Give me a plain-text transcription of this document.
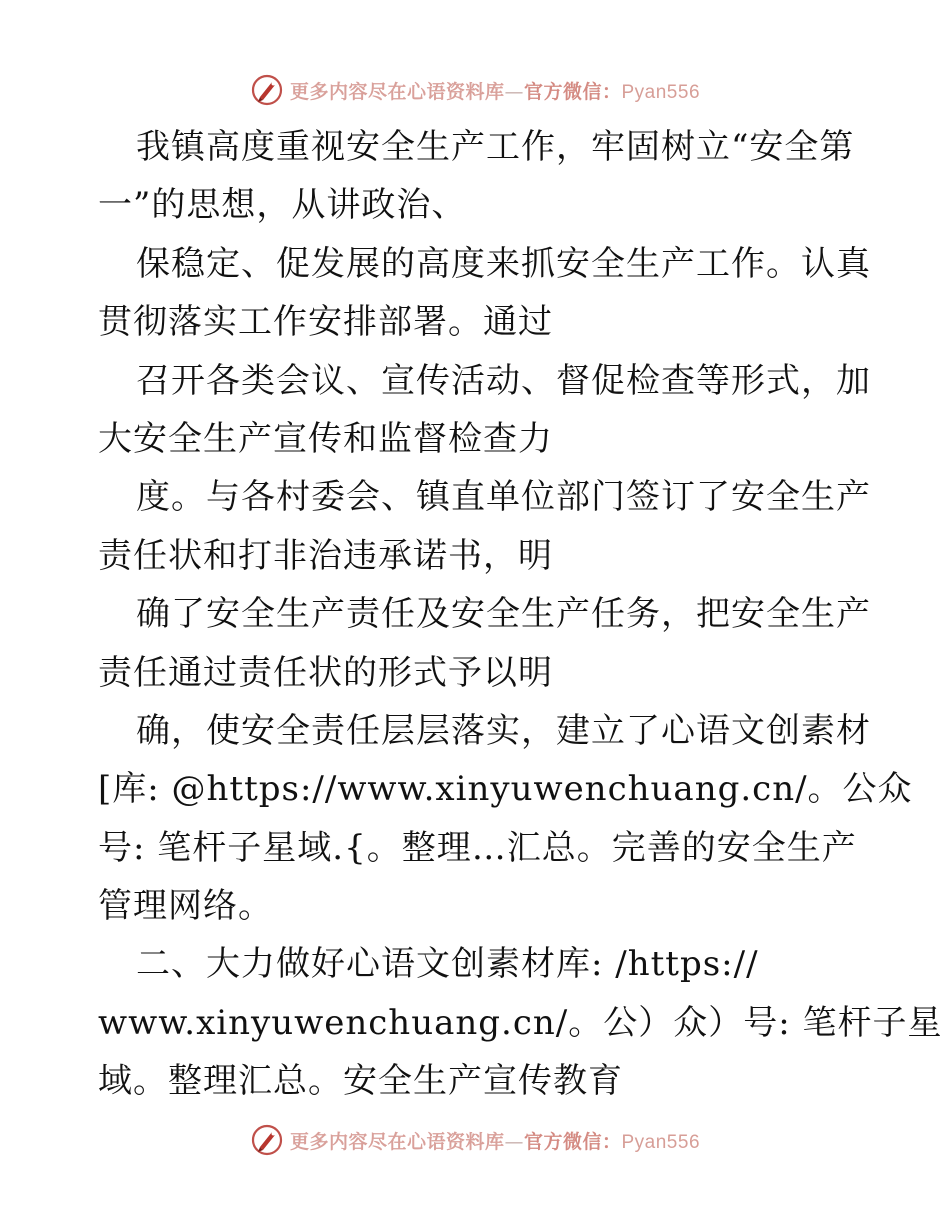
更多内容尽在心语资料库—官方微信：Pyan556
我镇高度重视安全生产工作，牢固树立“安全第
一”的思想，从讲政治、
保稳定、促发展的高度来抓安全生产工作。认真
贯彻落实工作安排部署。通过
召开各类会议、宣传活动、督促检查等形式，加
大安全生产宣传和监督检查力
度。与各村委会、镇直单位部门签订了安全生产
责任状和打非治违承诺书，明
确了安全生产责任及安全生产任务，把安全生产
责任通过责任状的形式予以明
确，使安全责任层层落实，建立了心语文创素材
[库: @https://www.xinyuwenchuang.cn/。公众
号: 笔杆子星域.{。整理…汇总。完善的安全生产
管理网络。
二、大力做好心语文创素材库: /https://
www.xinyuwenchuang.cn/。公）众）号: 笔杆子星
域。整理汇总。安全生产宣传教育
更多内容尽在心语资料库—官方微信：Pyan556
